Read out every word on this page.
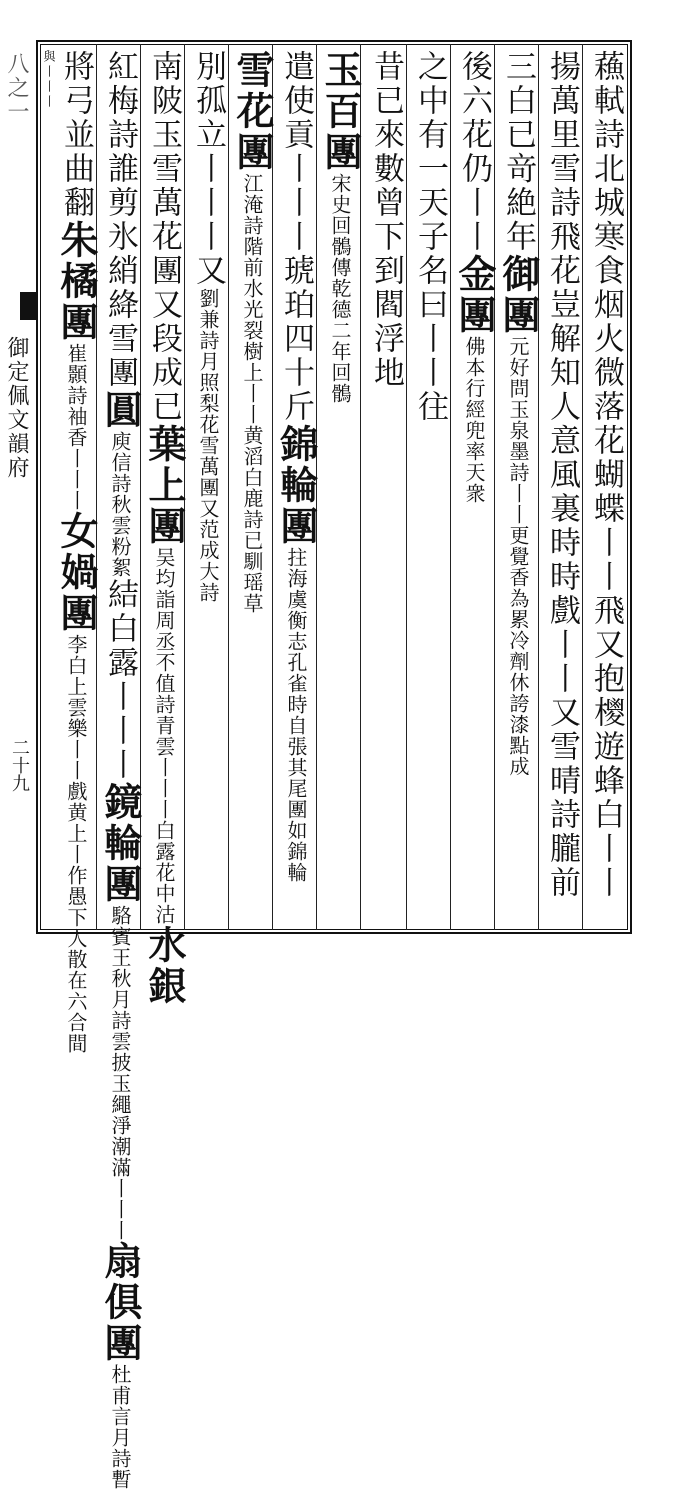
八之一
御定佩文韻府
二十九	蘓軾詩北城寒食烟火微落花蝴蝶丨丨飛又抱㯶遊蜂白丨丨
揚萬里雪詩飛花豈解知人意風裏時時戲丨丨又雪晴詩朧前
三白已竒絶年御團元好問玉泉墨詩丨丨更覺香為累冷劑休誇漆點成
後六花仍丨丨金團佛本行經兜率天衆
之中有一天子名曰丨丨往
昔已來數曾下到閻浮地
玉百團宋史回鶻傳乾德二年回鶻
遣使貢丨丨丨琥珀四十斤錦輪團拄海虞衡志孔雀時自張其尾團如錦輪
雪花團江淹詩階前水光裂樹上丨丨黄滔白鹿詩已馴瑶草
別孤立丨丨丨又劉兼詩月照梨花雪萬團又范成大詩
南陂玉雪萬花團又段成已葉上團吴均詣周丞不值詩青雲丨丨丨白露花中沽水銀
紅梅詩誰剪氷綃絳雪團圓庾信詩秋雲粉絮結白露丨丨丨鏡輪團駱賓王秋月詩雲披玉繩淨潮滿丨丨丨扇俱團杜甫言月詩暫
將弓並曲翻朱橘團崔顥詩袖香丨丨丨女媧團李白上雲樂丨丨戲黄上丨作愚下人散在六合間
與丨丨丨
